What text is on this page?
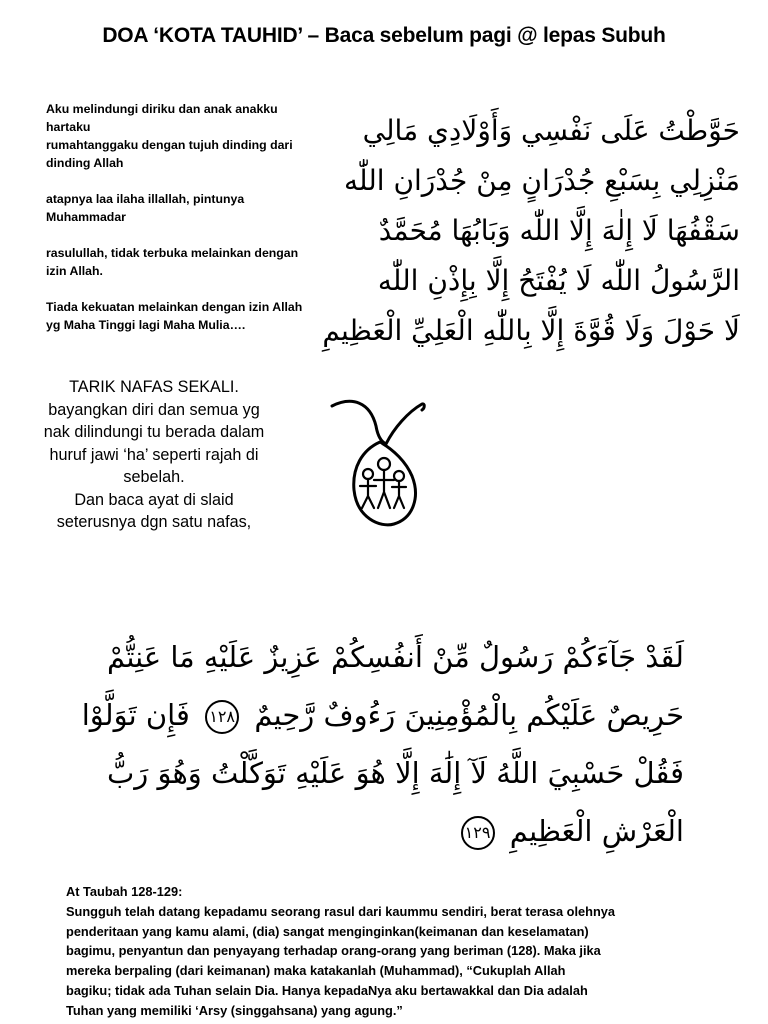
DOA ‘KOTA TAUHID’ – Baca sebelum pagi @ lepas Subuh

Aku melindungi diriku dan anak anakku hartaku
rumahtanggaku dengan tujuh dinding dari dinding Allah

atapnya laa ilaha illallah, pintunya Muhammadar

rasulullah, tidak terbuka melainkan dengan izin Allah.

Tiada kekuatan melainkan dengan izin Allah yg Maha Tinggi lagi Maha Mulia….

حَوَّطْتُ عَلَى نَفْسِي وَأَوْلَادِي مَالِي
مَنْزِلِي بِسَبْعِ جُدْرَانٍ مِنْ جُدْرَانِ اللّٰه
سَقْفُهَا لَا إِلٰهَ إِلَّا اللّٰه وَبَابُهَا مُحَمَّدٌ
الرَّسُولُ اللّٰه لَا يُفْتَحُ إِلَّا بِإِذْنِ اللّٰه
لَا حَوْلَ وَلَا قُوَّةَ إِلَّا بِاللّٰهِ الْعَلِيِّ الْعَظِيمِ
TARIK NAFAS SEKALI.
bayangkan diri dan semua yg
nak dilindungi tu berada dalam
huruf jawi ‘ha’ seperti rajah di
sebelah.
Dan baca ayat di slaid
seterusnya dgn satu nafas,
لَقَدْ جَآءَكُمْ رَسُولٌ مِّنْ أَنفُسِكُمْ عَزِيزٌ عَلَيْهِ مَا عَنِتُّمْ
حَرِيصٌ عَلَيْكُم بِالْمُؤْمِنِينَ رَءُوفٌ رَّحِيمٌ ١٢٨ فَإِن تَوَلَّوْا
فَقُلْ حَسْبِيَ اللَّهُ لَآ إِلَٰهَ إِلَّا هُوَ عَلَيْهِ تَوَكَّلْتُ وَهُوَ رَبُّ
الْعَرْشِ الْعَظِيمِ ١٢٩
At Taubah 128-129:
Sungguh telah datang kepadamu seorang rasul dari kaummu sendiri, berat terasa olehnya
penderitaan yang kamu alami, (dia) sangat menginginkan(keimanan dan keselamatan)
bagimu, penyantun dan penyayang terhadap orang-orang yang beriman (128). Maka jika
mereka berpaling (dari keimanan) maka katakanlah (Muhammad), “Cukuplah Allah
bagiku; tidak ada Tuhan selain Dia. Hanya kepadaNya aku bertawakkal dan Dia adalah
Tuhan yang memiliki ‘Arsy (singgahsana) yang agung.”
